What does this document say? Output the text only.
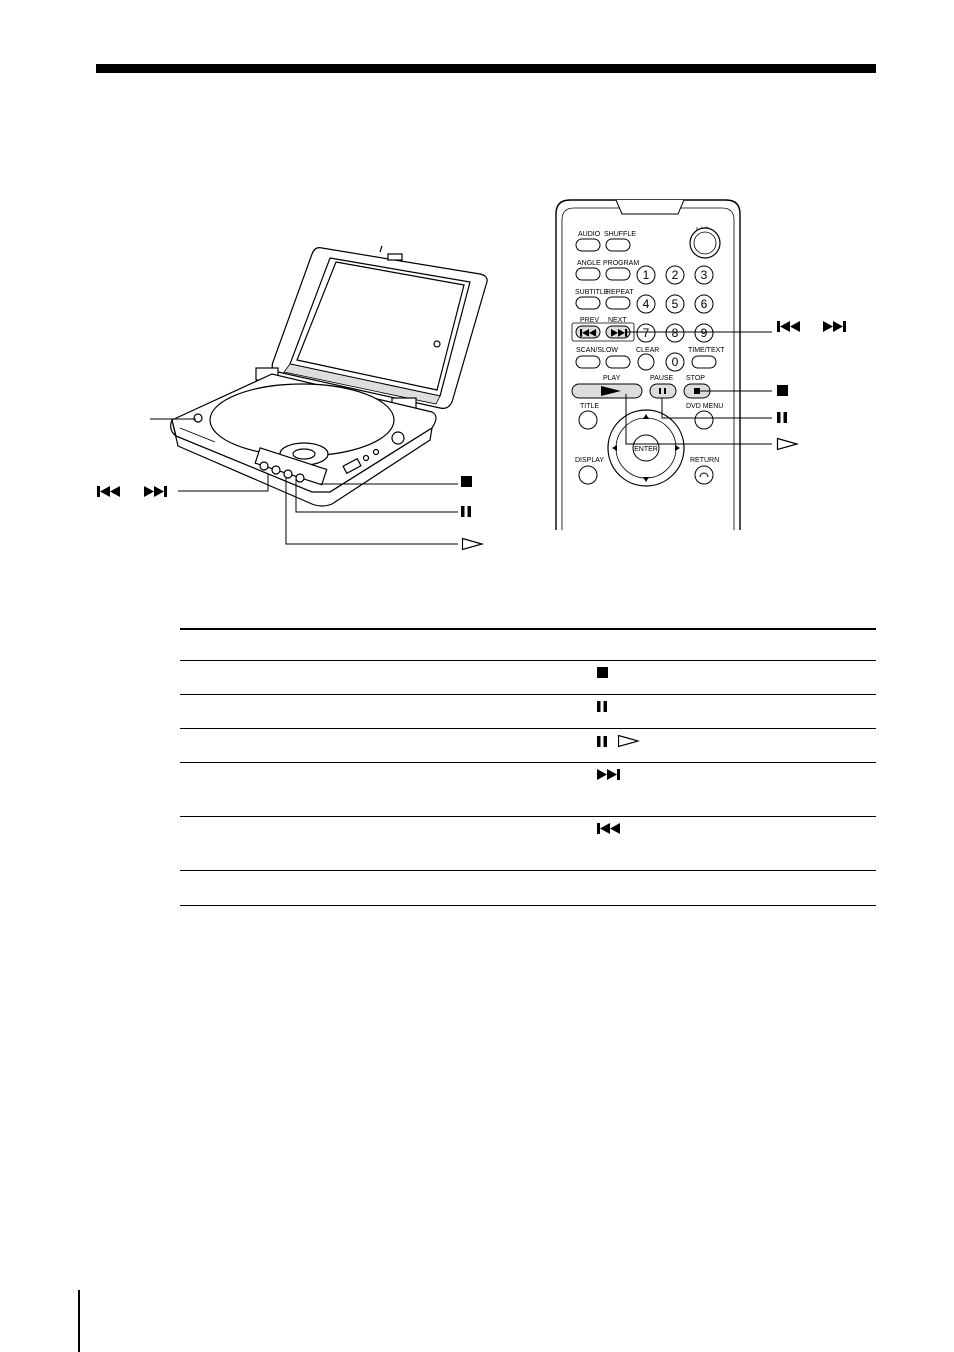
AUDIO SHUFFLE
ANGLE PROGRAM
SUBTITLE
REPEAT
PREV NEXT
SCAN/SLOW	CLEAR	TIME/TEXT
1 2 3
4 5 6
7 8 9
0
PLAY	PAUSE STOP
TITLE	DVD MENU
ENTER
DISPLAY	RETURN
